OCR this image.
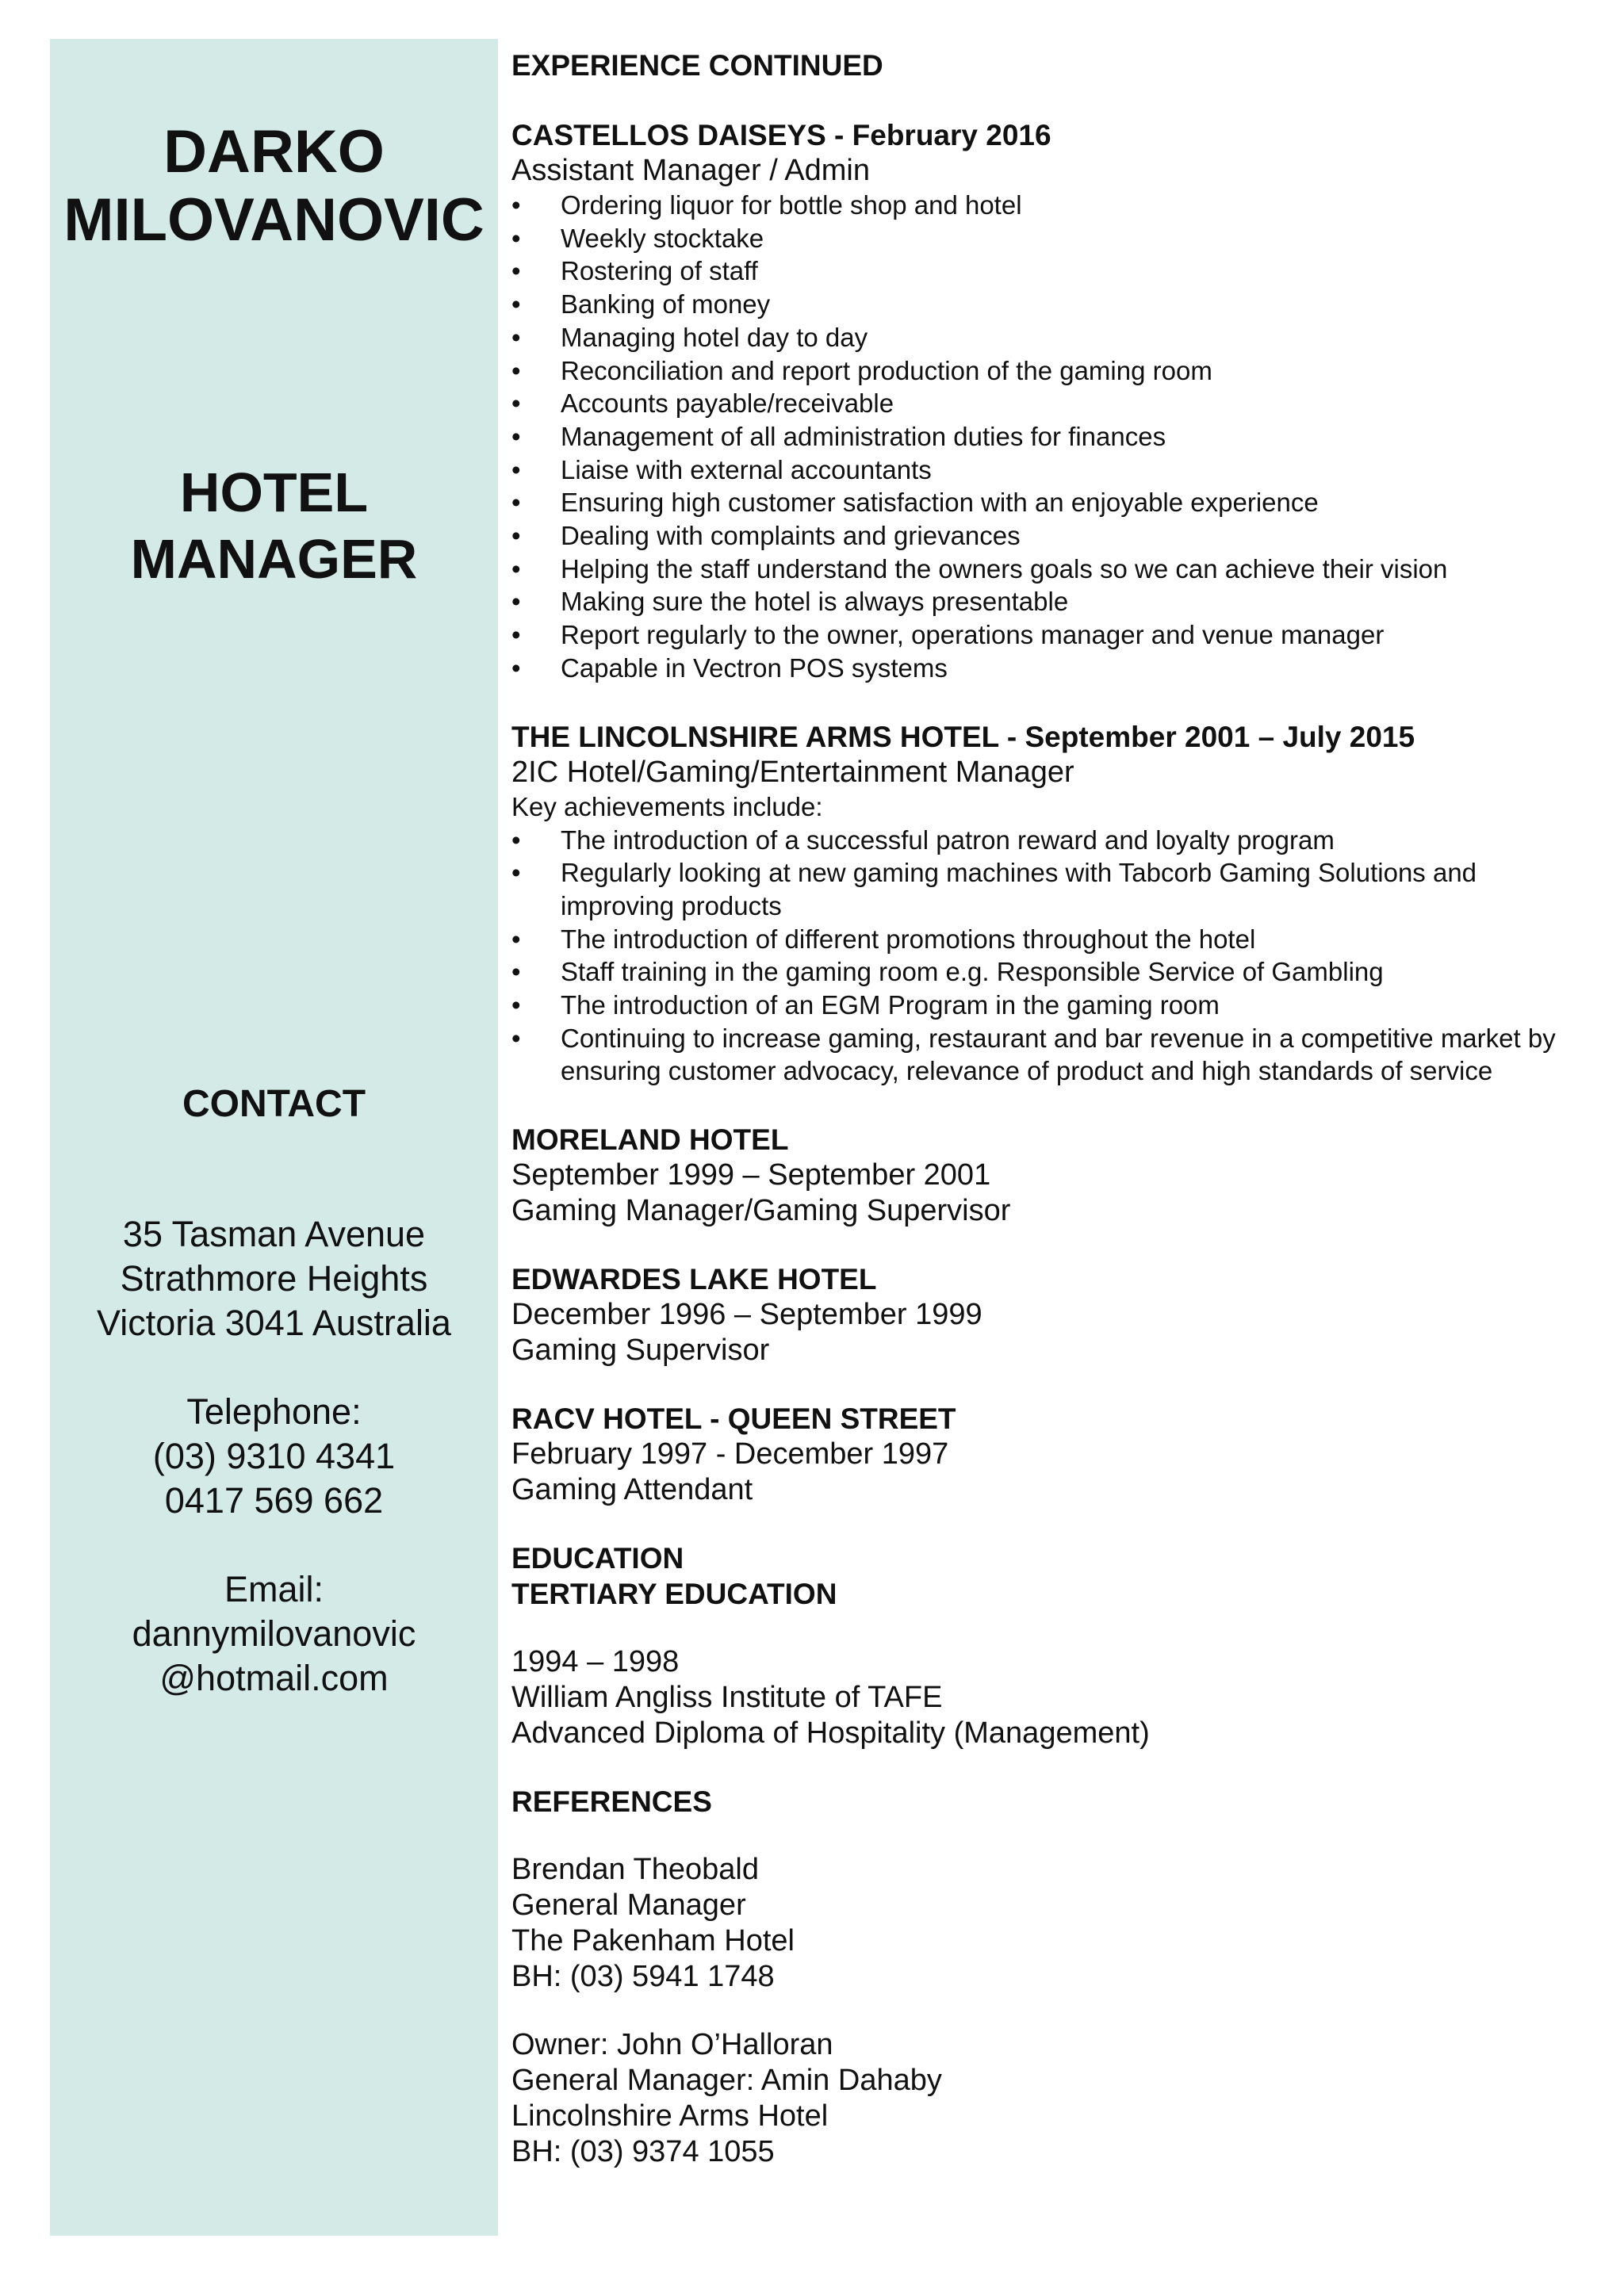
DARKO
MILOVANOVIC
HOTEL
MANAGER
CONTACT
35 Tasman Avenue
Strathmore Heights
Victoria 3041 Australia
Telephone:
(03) 9310 4341
0417 569 662
Email:
dannymilovanovic
@hotmail.com
EXPERIENCE CONTINUED
CASTELLOS DAISEYS - February 2016
Assistant Manager / Admin
• Ordering liquor for bottle shop and hotel
• Weekly stocktake
• Rostering of staff
• Banking of money
• Managing hotel day to day
• Reconciliation and report production of the gaming room
• Accounts payable/receivable
• Management of all administration duties for finances
• Liaise with external accountants
• Ensuring high customer satisfaction with an enjoyable experience
• Dealing with complaints and grievances
• Helping the staff understand the owners goals so we can achieve their vision
• Making sure the hotel is always presentable
• Report regularly to the owner, operations manager and venue manager
• Capable in Vectron POS systems
THE LINCOLNSHIRE ARMS HOTEL - September 2001 – July 2015
2IC Hotel/Gaming/Entertainment Manager
Key achievements include:
• The introduction of a successful patron reward and loyalty program
• Regularly looking at new gaming machines with Tabcorb Gaming Solutions and improving products
• The introduction of different promotions throughout the hotel
• Staff training in the gaming room e.g. Responsible Service of Gambling
• The introduction of an EGM Program in the gaming room
• Continuing to increase gaming, restaurant and bar revenue in a competitive market by ensuring customer advocacy, relevance of product and high standards of service
MORELAND HOTEL
September 1999 – September 2001
Gaming Manager/Gaming Supervisor
EDWARDES LAKE HOTEL
December 1996 – September 1999
Gaming Supervisor
RACV HOTEL - QUEEN STREET
February 1997 - December 1997
Gaming Attendant
EDUCATION
TERTIARY EDUCATION
1994 – 1998
William Angliss Institute of TAFE
Advanced Diploma of Hospitality (Management)
REFERENCES
Brendan Theobald
General Manager
The Pakenham Hotel
BH: (03) 5941 1748
Owner: John O’Halloran
General Manager: Amin Dahaby
Lincolnshire Arms Hotel
BH: (03) 9374 1055
